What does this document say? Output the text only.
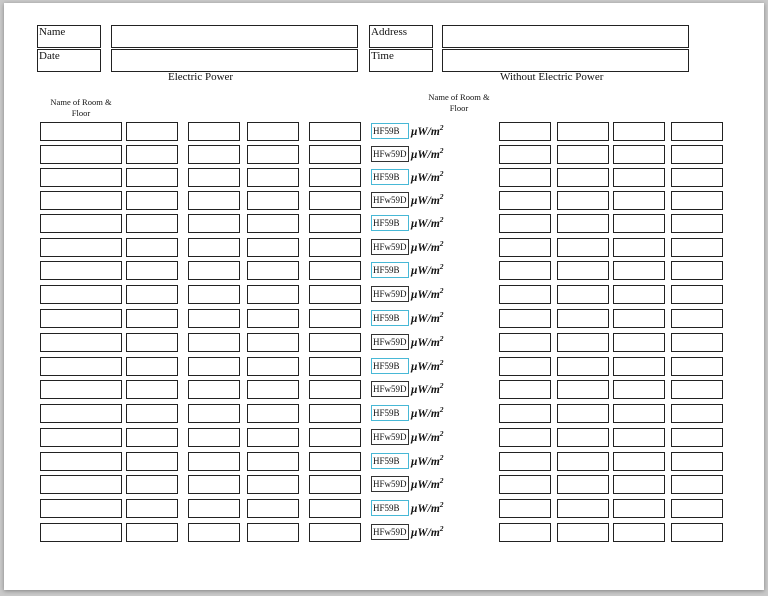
Name
Date
Address
Time
Electric Power	Without Electric Power
Name of Room & Floor
Name of Room & Floor
HF59B $\mu W/m^2$
HFw59D $\mu W/m^2$
HF59B $\mu W/m^2$
HFw59D $\mu W/m^2$
HF59B $\mu W/m^2$
HFw59D $\mu W/m^2$
HF59B $\mu W/m^2$
HFw59D $\mu W/m^2$
HF59B $\mu W/m^2$
HFw59D $\mu W/m^2$
HF59B $\mu W/m^2$
HFw59D $\mu W/m^2$
HF59B $\mu W/m^2$
HFw59D $\mu W/m^2$
HF59B $\mu W/m^2$
HFw59D $\mu W/m^2$
HF59B $\mu W/m^2$
HFw59D $\mu W/m^2$
